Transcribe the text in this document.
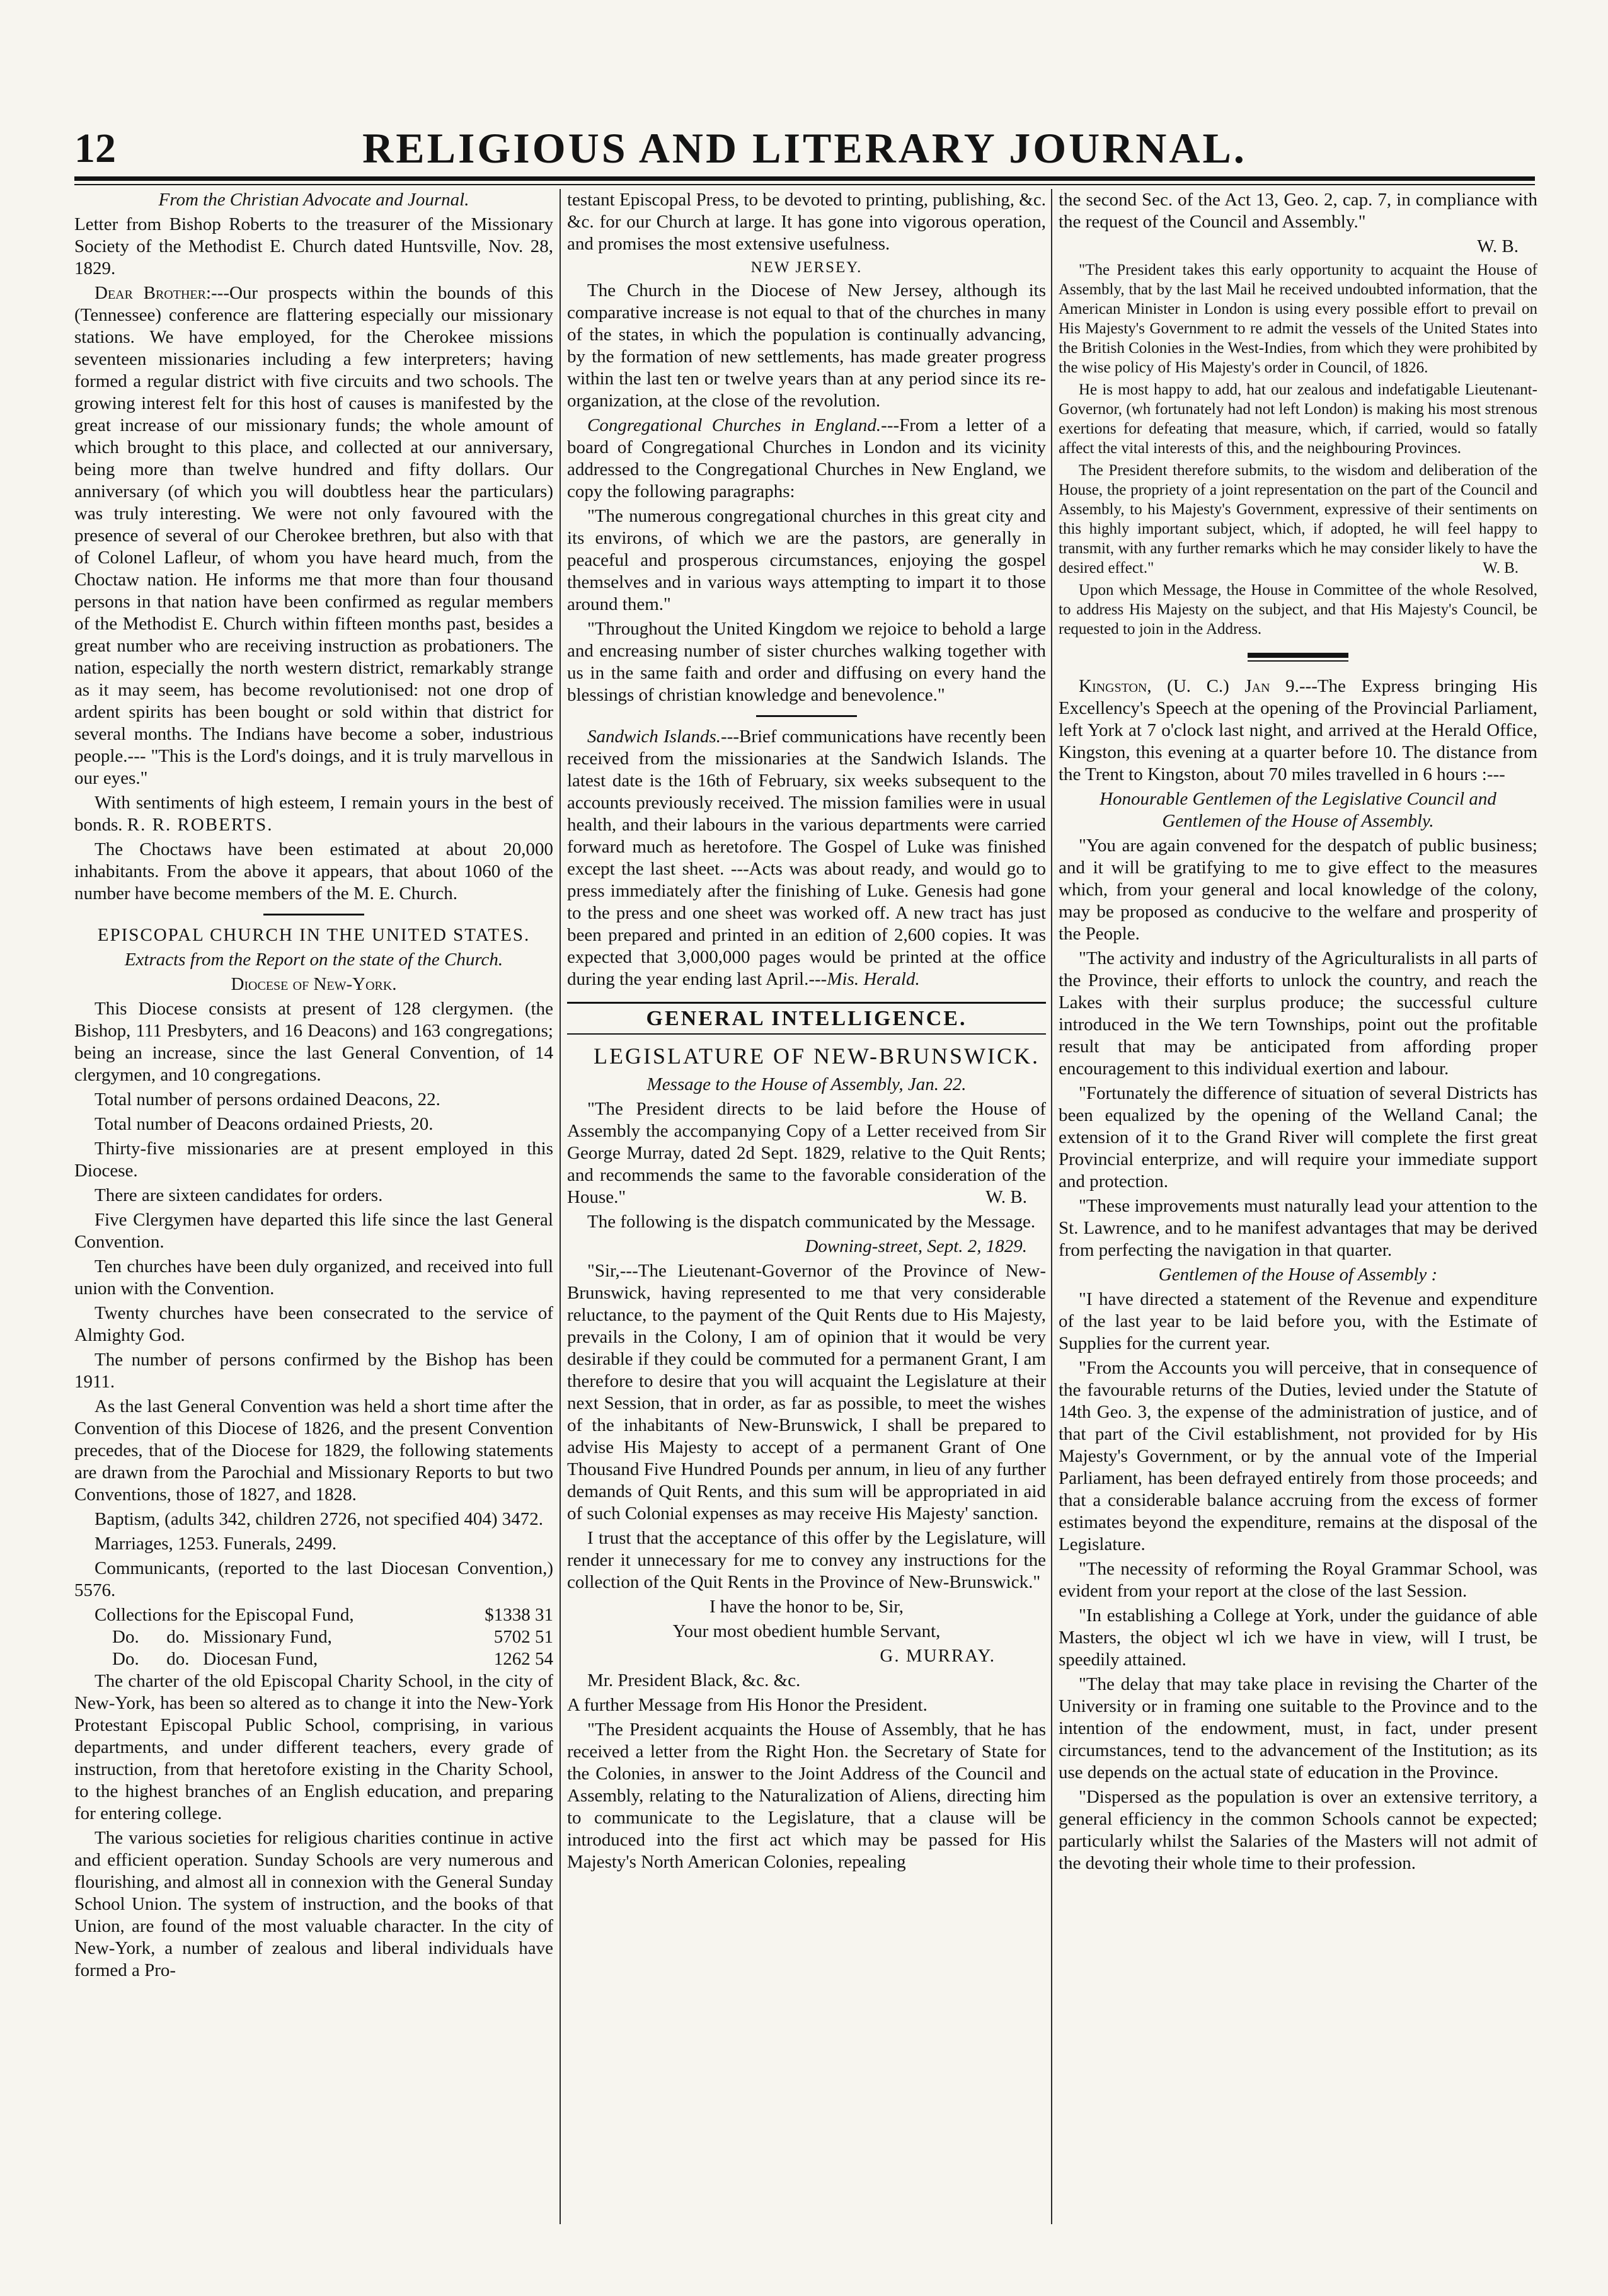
12	RELIGIOUS AND LITERARY JOURNAL.

From the Christian Advocate and Journal.

Letter from Bishop Roberts to the treasurer of the Missionary Society of the Methodist E. Church dated Huntsville, Nov. 28, 1829.

Dear Brother:---Our prospects within the bounds of this (Tennessee) conference are flattering especially our missionary stations. We have employed, for the Cherokee missions seventeen missionaries including a few interpreters; having formed a regular district with five circuits and two schools. The growing interest felt for this host of causes is manifested by the great increase of our missionary funds; the whole amount of which brought to this place, and collected at our anniversary, being more than twelve hundred and fifty dollars. Our anniversary (of which you will doubtless hear the particulars) was truly interesting. We were not only favoured with the presence of several of our Cherokee brethren, but also with that of Colonel Lafleur, of whom you have heard much, from the Choctaw nation. He informs me that more than four thousand persons in that nation have been confirmed as regular members of the Methodist E. Church within fifteen months past, besides a great number who are receiving instruction as probationers. The nation, especially the north western district, remarkably strange as it may seem, has become revolutionised: not one drop of ardent spirits has been bought or sold within that district for several months. The Indians have become a sober, industrious people.--- "This is the Lord's doings, and it is truly marvellous in our eyes."

With sentiments of high esteem, I remain yours in the best of bonds. R. R. ROBERTS.

The Choctaws have been estimated at about 20,000 inhabitants. From the above it appears, that about 1060 of the number have become members of the M. E. Church.

EPISCOPAL CHURCH IN THE UNITED STATES.

Extracts from the Report on the state of the Church.

Diocese of New-York.

This Diocese consists at present of 128 clergymen. (the Bishop, 111 Presbyters, and 16 Deacons) and 163 congregations; being an increase, since the last General Convention, of 14 clergymen, and 10 congregations.

Total number of persons ordained Deacons, 22.

Total number of Deacons ordained Priests, 20.

Thirty-five missionaries are at present employed in this Diocese.

There are sixteen candidates for orders.

Five Clergymen have departed this life since the last General Convention.

Ten churches have been duly organized, and received into full union with the Convention.

Twenty churches have been consecrated to the service of Almighty God.

The number of persons confirmed by the Bishop has been 1911.

As the last General Convention was held a short time after the Convention of this Diocese of 1826, and the present Convention precedes, that of the Diocese for 1829, the following statements are drawn from the Parochial and Missionary Reports to but two Conventions, those of 1827, and 1828.

Baptism, (adults 342, children 2726, not specified 404) 3472.

Marriages, 1253. Funerals, 2499.

Communicants, (reported to the last Diocesan Convention,) 5576.

Collections for the Episcopal Fund,	$1338 31
Do.      do.   Missionary Fund,	5702 51
Do.      do.   Diocesan Fund,	1262 54

The charter of the old Episcopal Charity School, in the city of New-York, has been so altered as to change it into the New-York Protestant Episcopal Public School, comprising, in various departments, and under different teachers, every grade of instruction, from that heretofore existing in the Charity School, to the highest branches of an English education, and preparing for entering college.

The various societies for religious charities continue in active and efficient operation. Sunday Schools are very numerous and flourishing, and almost all in connexion with the General Sunday School Union. The system of instruction, and the books of that Union, are found of the most valuable character. In the city of New-York, a number of zealous and liberal individuals have formed a Pro-

testant Episcopal Press, to be devoted to printing, publishing, &c. &c. for our Church at large. It has gone into vigorous operation, and promises the most extensive usefulness.

NEW JERSEY.

The Church in the Diocese of New Jersey, although its comparative increase is not equal to that of the churches in many of the states, in which the population is continually advancing, by the formation of new settlements, has made greater progress within the last ten or twelve years than at any period since its re-organization, at the close of the revolution.

Congregational Churches in England.---From a letter of a board of Congregational Churches in London and its vicinity addressed to the Congregational Churches in New England, we copy the following paragraphs:

"The numerous congregational churches in this great city and its environs, of which we are the pastors, are generally in peaceful and prosperous circumstances, enjoying the gospel themselves and in various ways attempting to impart it to those around them."

"Throughout the United Kingdom we rejoice to behold a large and encreasing number of sister churches walking together with us in the same faith and order and diffusing on every hand the blessings of christian knowledge and benevolence."

Sandwich Islands.---Brief communications have recently been received from the missionaries at the Sandwich Islands. The latest date is the 16th of February, six weeks subsequent to the accounts previously received. The mission families were in usual health, and their labours in the various departments were carried forward much as heretofore. The Gospel of Luke was finished except the last sheet. ---Acts was about ready, and would go to press immediately after the finishing of Luke. Genesis had gone to the press and one sheet was worked off. A new tract has just been prepared and printed in an edition of 2,600 copies. It was expected that 3,000,000 pages would be printed at the office during the year ending last April.---Mis. Herald.

GENERAL INTELLIGENCE.

LEGISLATURE OF NEW-BRUNSWICK.

Message to the House of Assembly, Jan. 22.

"The President directs to be laid before the House of Assembly the accompanying Copy of a Letter received from Sir George Murray, dated 2d Sept. 1829, relative to the Quit Rents; and recommends the same to the favorable consideration of the House."	W. B.

The following is the dispatch communicated by the Message.

Downing-street, Sept. 2, 1829.

"Sir,---The Lieutenant-Governor of the Province of New-Brunswick, having represented to me that very considerable reluctance, to the payment of the Quit Rents due to His Majesty, prevails in the Colony, I am of opinion that it would be very desirable if they could be commuted for a permanent Grant, I am therefore to desire that you will acquaint the Legislature at their next Session, that in order, as far as possible, to meet the wishes of the inhabitants of New-Brunswick, I shall be prepared to advise His Majesty to accept of a permanent Grant of One Thousand Five Hundred Pounds per annum, in lieu of any further demands of Quit Rents, and this sum will be appropriated in aid of such Colonial expenses as may receive His Majesty' sanction.

I trust that the acceptance of this offer by the Legislature, will render it unnecessary for me to convey any instructions for the collection of the Quit Rents in the Province of New-Brunswick."

I have the honor to be, Sir,

Your most obedient humble Servant,

G. MURRAY.

Mr. President Black, &c. &c.

A further Message from His Honor the President.

"The President acquaints the House of Assembly, that he has received a letter from the Right Hon. the Secretary of State for the Colonies, in answer to the Joint Address of the Council and Assembly, relating to the Naturalization of Aliens, directing him to communicate to the Legislature, that a clause will be introduced into the first act which may be passed for His Majesty's North American Colonies, repealing

the second Sec. of the Act 13, Geo. 2, cap. 7, in compliance with the request of the Council and Assembly."

W. B.

"The President takes this early opportunity to acquaint the House of Assembly, that by the last Mail he received undoubted information, that the American Minister in London is using every possible effort to prevail on His Majesty's Government to re admit the vessels of the United States into the British Colonies in the West-Indies, from which they were prohibited by the wise policy of His Majesty's order in Council, of 1826.

He is most happy to add, hat our zealous and indefatigable Lieutenant-Governor, (wh fortunately had not left London) is making his most strenous exertions for defeating that measure, which, if carried, would so fatally affect the vital interests of this, and the neighbouring Provinces.

The President therefore submits, to the wisdom and deliberation of the House, the propriety of a joint representation on the part of the Council and Assembly, to his Majesty's Government, expressive of their sentiments on this highly important subject, which, if adopted, he will feel happy to transmit, with any further remarks which he may consider likely to have the desired effect."	W. B.

Upon which Message, the House in Committee of the whole Resolved, to address His Majesty on the subject, and that His Majesty's Council, be requested to join in the Address.

Kingston, (U. C.) Jan 9.---The Express bringing His Excellency's Speech at the opening of the Provincial Parliament, left York at 7 o'clock last night, and arrived at the Herald Office, Kingston, this evening at a quarter before 10. The distance from the Trent to Kingston, about 70 miles travelled in 6 hours :---

Honourable Gentlemen of the Legislative Council and Gentlemen of the House of Assembly.

"You are again convened for the despatch of public business; and it will be gratifying to me to give effect to the measures which, from your general and local knowledge of the colony, may be proposed as conducive to the welfare and prosperity of the People.

"The activity and industry of the Agriculturalists in all parts of the Province, their efforts to unlock the country, and reach the Lakes with their surplus produce; the successful culture introduced in the We tern Townships, point out the profitable result that may be anticipated from affording proper encouragement to this individual exertion and labour.

"Fortunately the difference of situation of several Districts has been equalized by the opening of the Welland Canal; the extension of it to the Grand River will complete the first great Provincial enterprize, and will require your immediate support and protection.

"These improvements must naturally lead your attention to the St. Lawrence, and to he manifest advantages that may be derived from perfecting the navigation in that quarter.

Gentlemen of the House of Assembly :

"I have directed a statement of the Revenue and expenditure of the last year to be laid before you, with the Estimate of Supplies for the current year.

"From the Accounts you will perceive, that in consequence of the favourable returns of the Duties, levied under the Statute of 14th Geo. 3, the expense of the administration of justice, and of that part of the Civil establishment, not provided for by His Majesty's Government, or by the annual vote of the Imperial Parliament, has been defrayed entirely from those proceeds; and that a considerable balance accruing from the excess of former estimates beyond the expenditure, remains at the disposal of the Legislature.

"The necessity of reforming the Royal Grammar School, was evident from your report at the close of the last Session.

"In establishing a College at York, under the guidance of able Masters, the object wl ich we have in view, will I trust, be speedily attained.

"The delay that may take place in revising the Charter of the University or in framing one suitable to the Province and to the intention of the endowment, must, in fact, under present circumstances, tend to the advancement of the Institution; as its use depends on the actual state of education in the Province.

"Dispersed as the population is over an extensive territory, a general efficiency in the common Schools cannot be expected; particularly whilst the Salaries of the Masters will not admit of the devoting their whole time to their profession.
